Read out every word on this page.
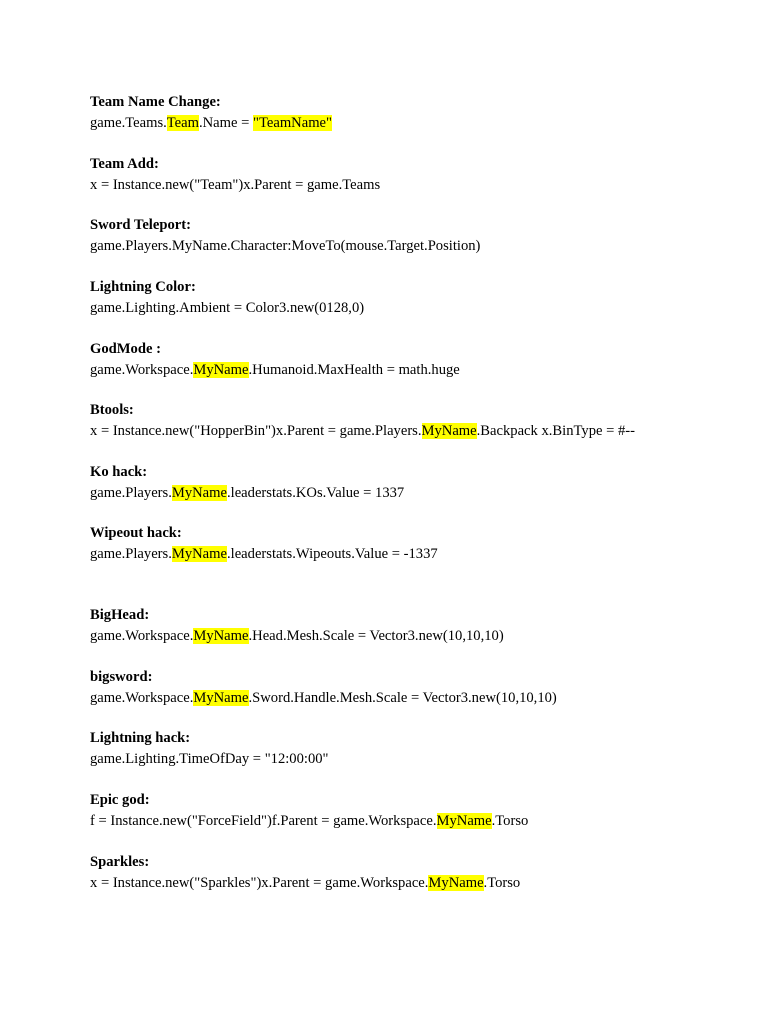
Team Name Change:
game.Teams.Team.Name = "TeamName"
Team Add:
x = Instance.new("Team")x.Parent = game.Teams
Sword Teleport:
game.Players.MyName.Character:MoveTo(mouse.Target.Position)
Lightning Color:
game.Lighting.Ambient = Color3.new(0128,0)
GodMode :
game.Workspace.MyName.Humanoid.MaxHealth = math.huge
Btools:
x = Instance.new("HopperBin")x.Parent = game.Players.MyName.Backpack x.BinType = #--
Ko hack:
game.Players.MyName.leaderstats.KOs.Value = 1337
Wipeout hack:
game.Players.MyName.leaderstats.Wipeouts.Value = -1337
BigHead:
game.Workspace.MyName.Head.Mesh.Scale = Vector3.new(10,10,10)
bigsword:
game.Workspace.MyName.Sword.Handle.Mesh.Scale = Vector3.new(10,10,10)
Lightning hack:
game.Lighting.TimeOfDay = "12:00:00"
Epic god:
f = Instance.new("ForceField")f.Parent = game.Workspace.MyName.Torso
Sparkles:
x = Instance.new("Sparkles")x.Parent = game.Workspace.MyName.Torso
